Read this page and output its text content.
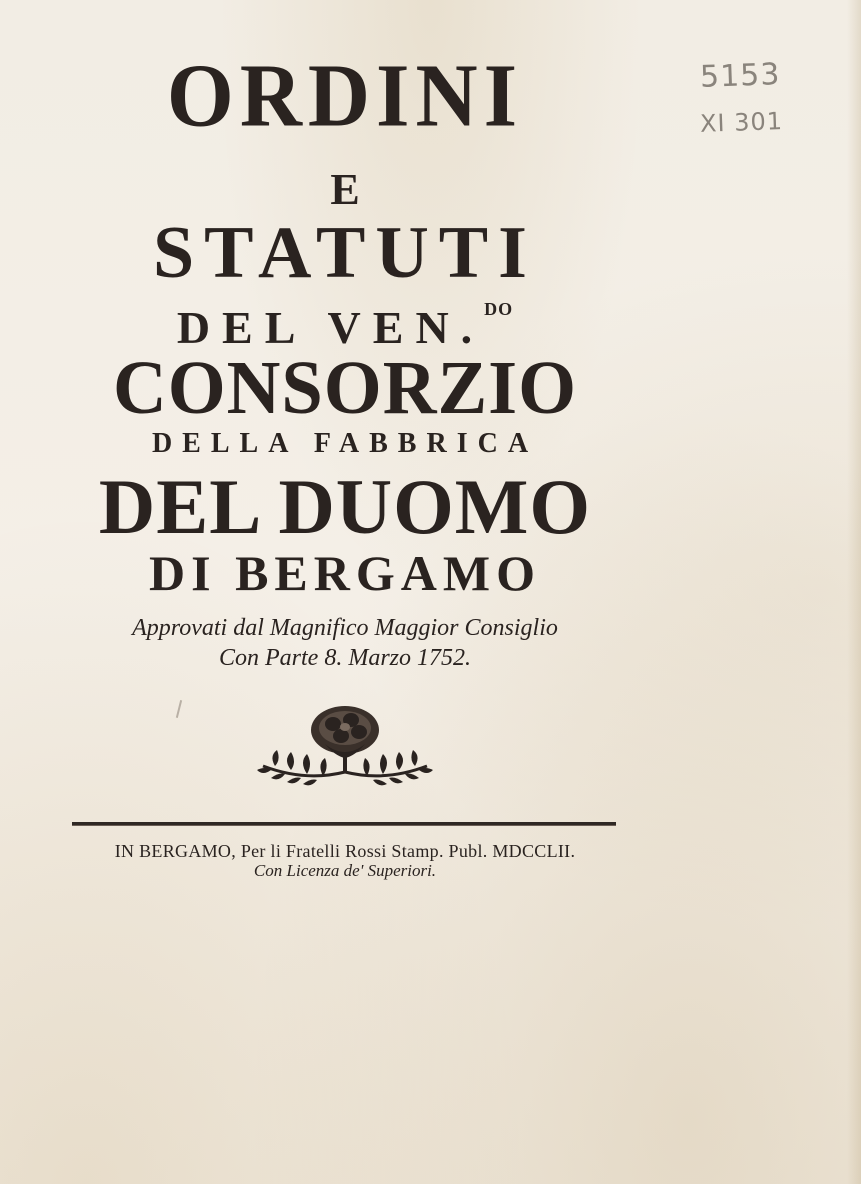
ORDINI
E
STATUTI
DEL VEN.$^{DO}$
CONSORZIO
DELLA FABBRICA
DEL DUOMO
DI BERGAMO
Approvati dal Magnifico Maggior Consiglio
Con Parte 8. Marzo 1752.
IN BERGAMO, Per li Fratelli Rossi Stamp. Publ. MDCCLII.
Con Licenza de' Superiori.
5153
XI 301
